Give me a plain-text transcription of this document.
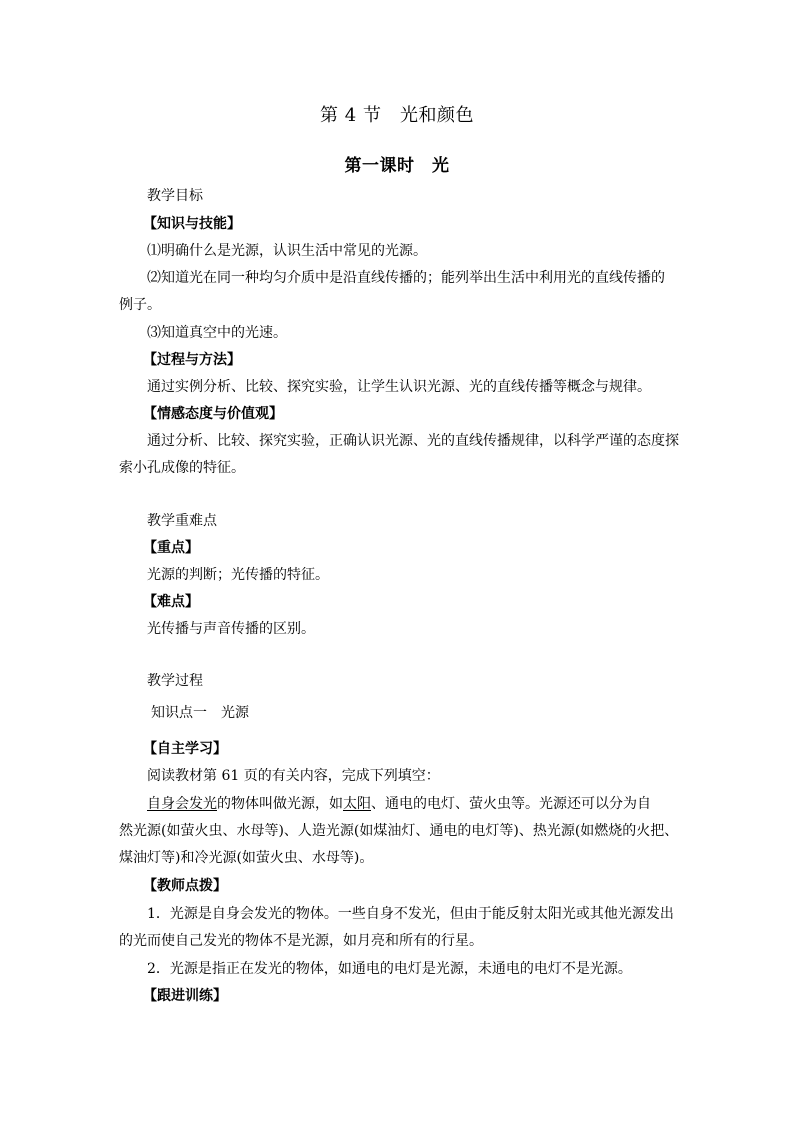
第 4 节　光和颜色
第一课时　光
教学目标
【知识与技能】
⑴明确什么是光源，认识生活中常见的光源。
⑵知道光在同一种均匀介质中是沿直线传播的；能列举出生活中利用光的直线传播的
例子。
⑶知道真空中的光速。
【过程与方法】
通过实例分析、比较、探究实验，让学生认识光源、光的直线传播等概念与规律。
【情感态度与价值观】
通过分析、比较、探究实验，正确认识光源、光的直线传播规律，以科学严谨的态度探
索小孔成像的特征。
教学重难点
【重点】
光源的判断；光传播的特征。
【难点】
光传播与声音传播的区别。
教学过程
知识点一　光源
【自主学习】
阅读教材第 61 页的有关内容，完成下列填空：
自身会发光的物体叫做光源，如太阳、通电的电灯、萤火虫等。光源还可以分为自
然光源(如萤火虫、水母等)、人造光源(如煤油灯、通电的电灯等)、热光源(如燃烧的火把、
煤油灯等)和冷光源(如萤火虫、水母等)。
【教师点拨】
1．光源是自身会发光的物体。一些自身不发光，但由于能反射太阳光或其他光源发出
的光而使自己发光的物体不是光源，如月亮和所有的行星。
2．光源是指正在发光的物体，如通电的电灯是光源，未通电的电灯不是光源。
【跟进训练】
